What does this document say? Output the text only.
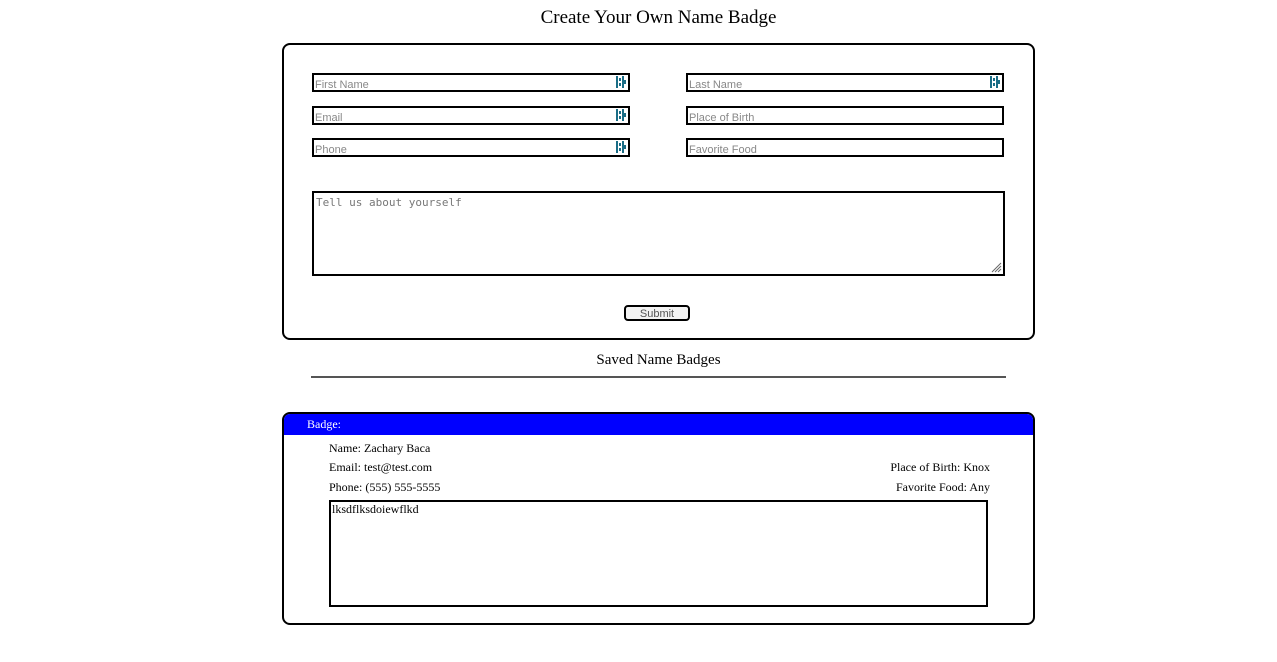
Create Your Own Name Badge
First Name
Last Name
Email
Place of Birth
Phone
Favorite Food
Tell us about yourself
Submit
Saved Name Badges
Badge:
Name: Zachary Baca
Email: test@test.com
Phone: (555) 555-5555
Place of Birth: Knox
Favorite Food: Any
lksdflksdoiewflkd
